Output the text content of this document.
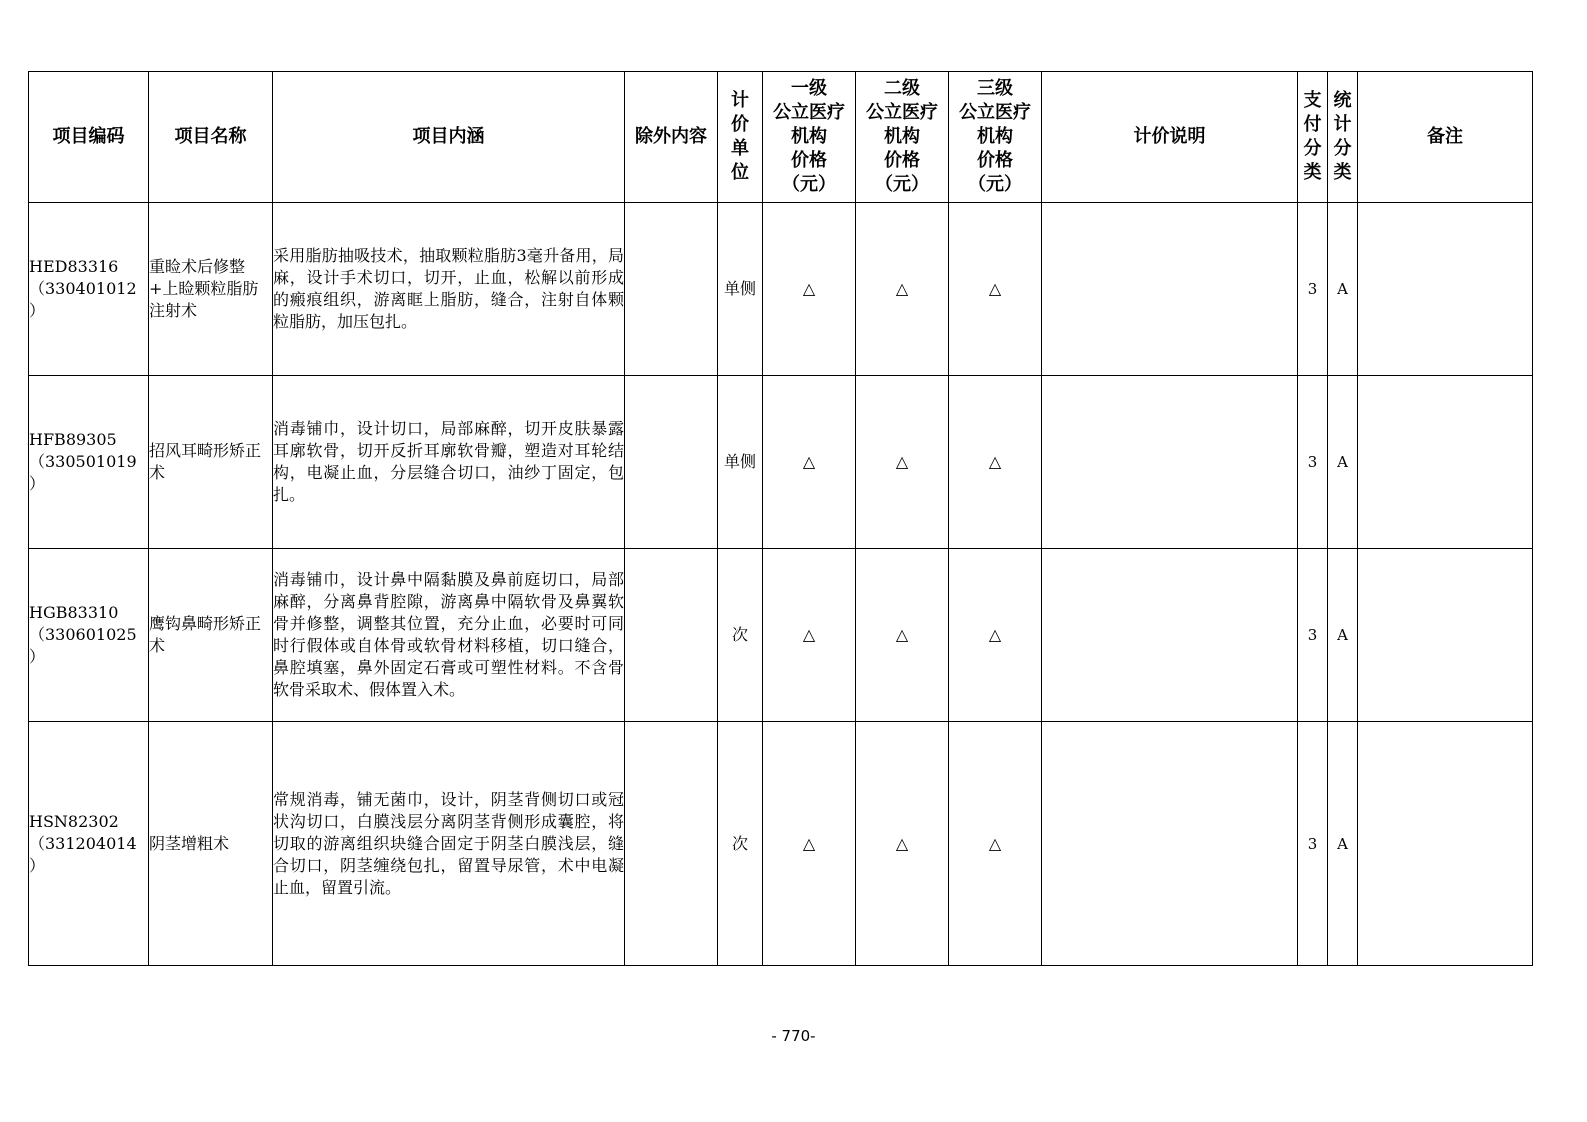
项目编码	项目名称	项目内涵	除外内容	计价单位	一级
公立医疗
机构
价格
（元）	二级
公立医疗
机构
价格
（元）	三级
公立医疗
机构
价格
（元）	计价说明	支付分类	统计分类	备注

HED83316
（330401012
）	重睑术后修整+上睑颗粒脂肪注射术	采用脂肪抽吸技术，抽取颗粒脂肪3毫升备用，局麻，设计手术切口，切开，止血，松解以前形成的瘢痕组织，游离眶上脂肪，缝合，注射自体颗粒脂肪，加压包扎。		单侧	△	△	△		3	A	
HFB89305
（330501019
）	招风耳畸形矫正术	消毒铺巾，设计切口，局部麻醉，切开皮肤暴露耳廓软骨，切开反折耳廓软骨瓣，塑造对耳轮结构，电凝止血，分层缝合切口，油纱丁固定，包扎。		单侧	△	△	△		3	A	
HGB83310
（330601025
）	鹰钩鼻畸形矫正术	消毒铺巾，设计鼻中隔黏膜及鼻前庭切口，局部麻醉，分离鼻背腔隙，游离鼻中隔软骨及鼻翼软骨并修整，调整其位置，充分止血，必要时可同时行假体或自体骨或软骨材料移植，切口缝合，鼻腔填塞，鼻外固定石膏或可塑性材料。不含骨软骨采取术、假体置入术。		次	△	△	△		3	A	
HSN82302
（331204014
）	阴茎增粗术	常规消毒，铺无菌巾，设计，阴茎背侧切口或冠状沟切口，白膜浅层分离阴茎背侧形成囊腔，将切取的游离组织块缝合固定于阴茎白膜浅层，缝合切口，阴茎缠绕包扎，留置导尿管，术中电凝止血，留置引流。		次	△	△	△		3	A	
- 770-
